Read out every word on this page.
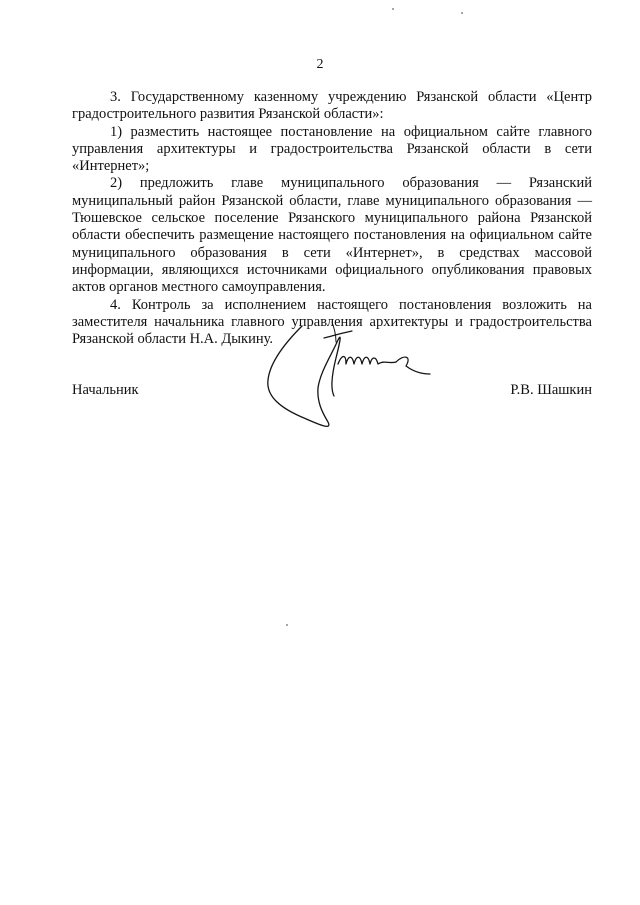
2

3. Государственному казенному учреждению Рязанской области «Центр градостроительного развития Рязанской области»:

1) разместить настоящее постановление на официальном сайте главного управления архитектуры и градостроительства Рязанской области в сети «Интернет»;

2) предложить главе муниципального образования — Рязанский муниципальный район Рязанской области, главе муниципального образования — Тюшевское сельское поселение Рязанского муниципального района Рязанской области обеспечить размещение настоящего постановления на официальном сайте муниципального образования в сети «Интернет», в средствах массовой информации, являющихся источниками официального опубликования правовых актов органов местного самоуправления.

4. Контроль за исполнением настоящего постановления возложить на заместителя начальника главного управления архитектуры и градостроительства Рязанской области Н.А. Дыкину.

Начальник	Р.В. Шашкин
